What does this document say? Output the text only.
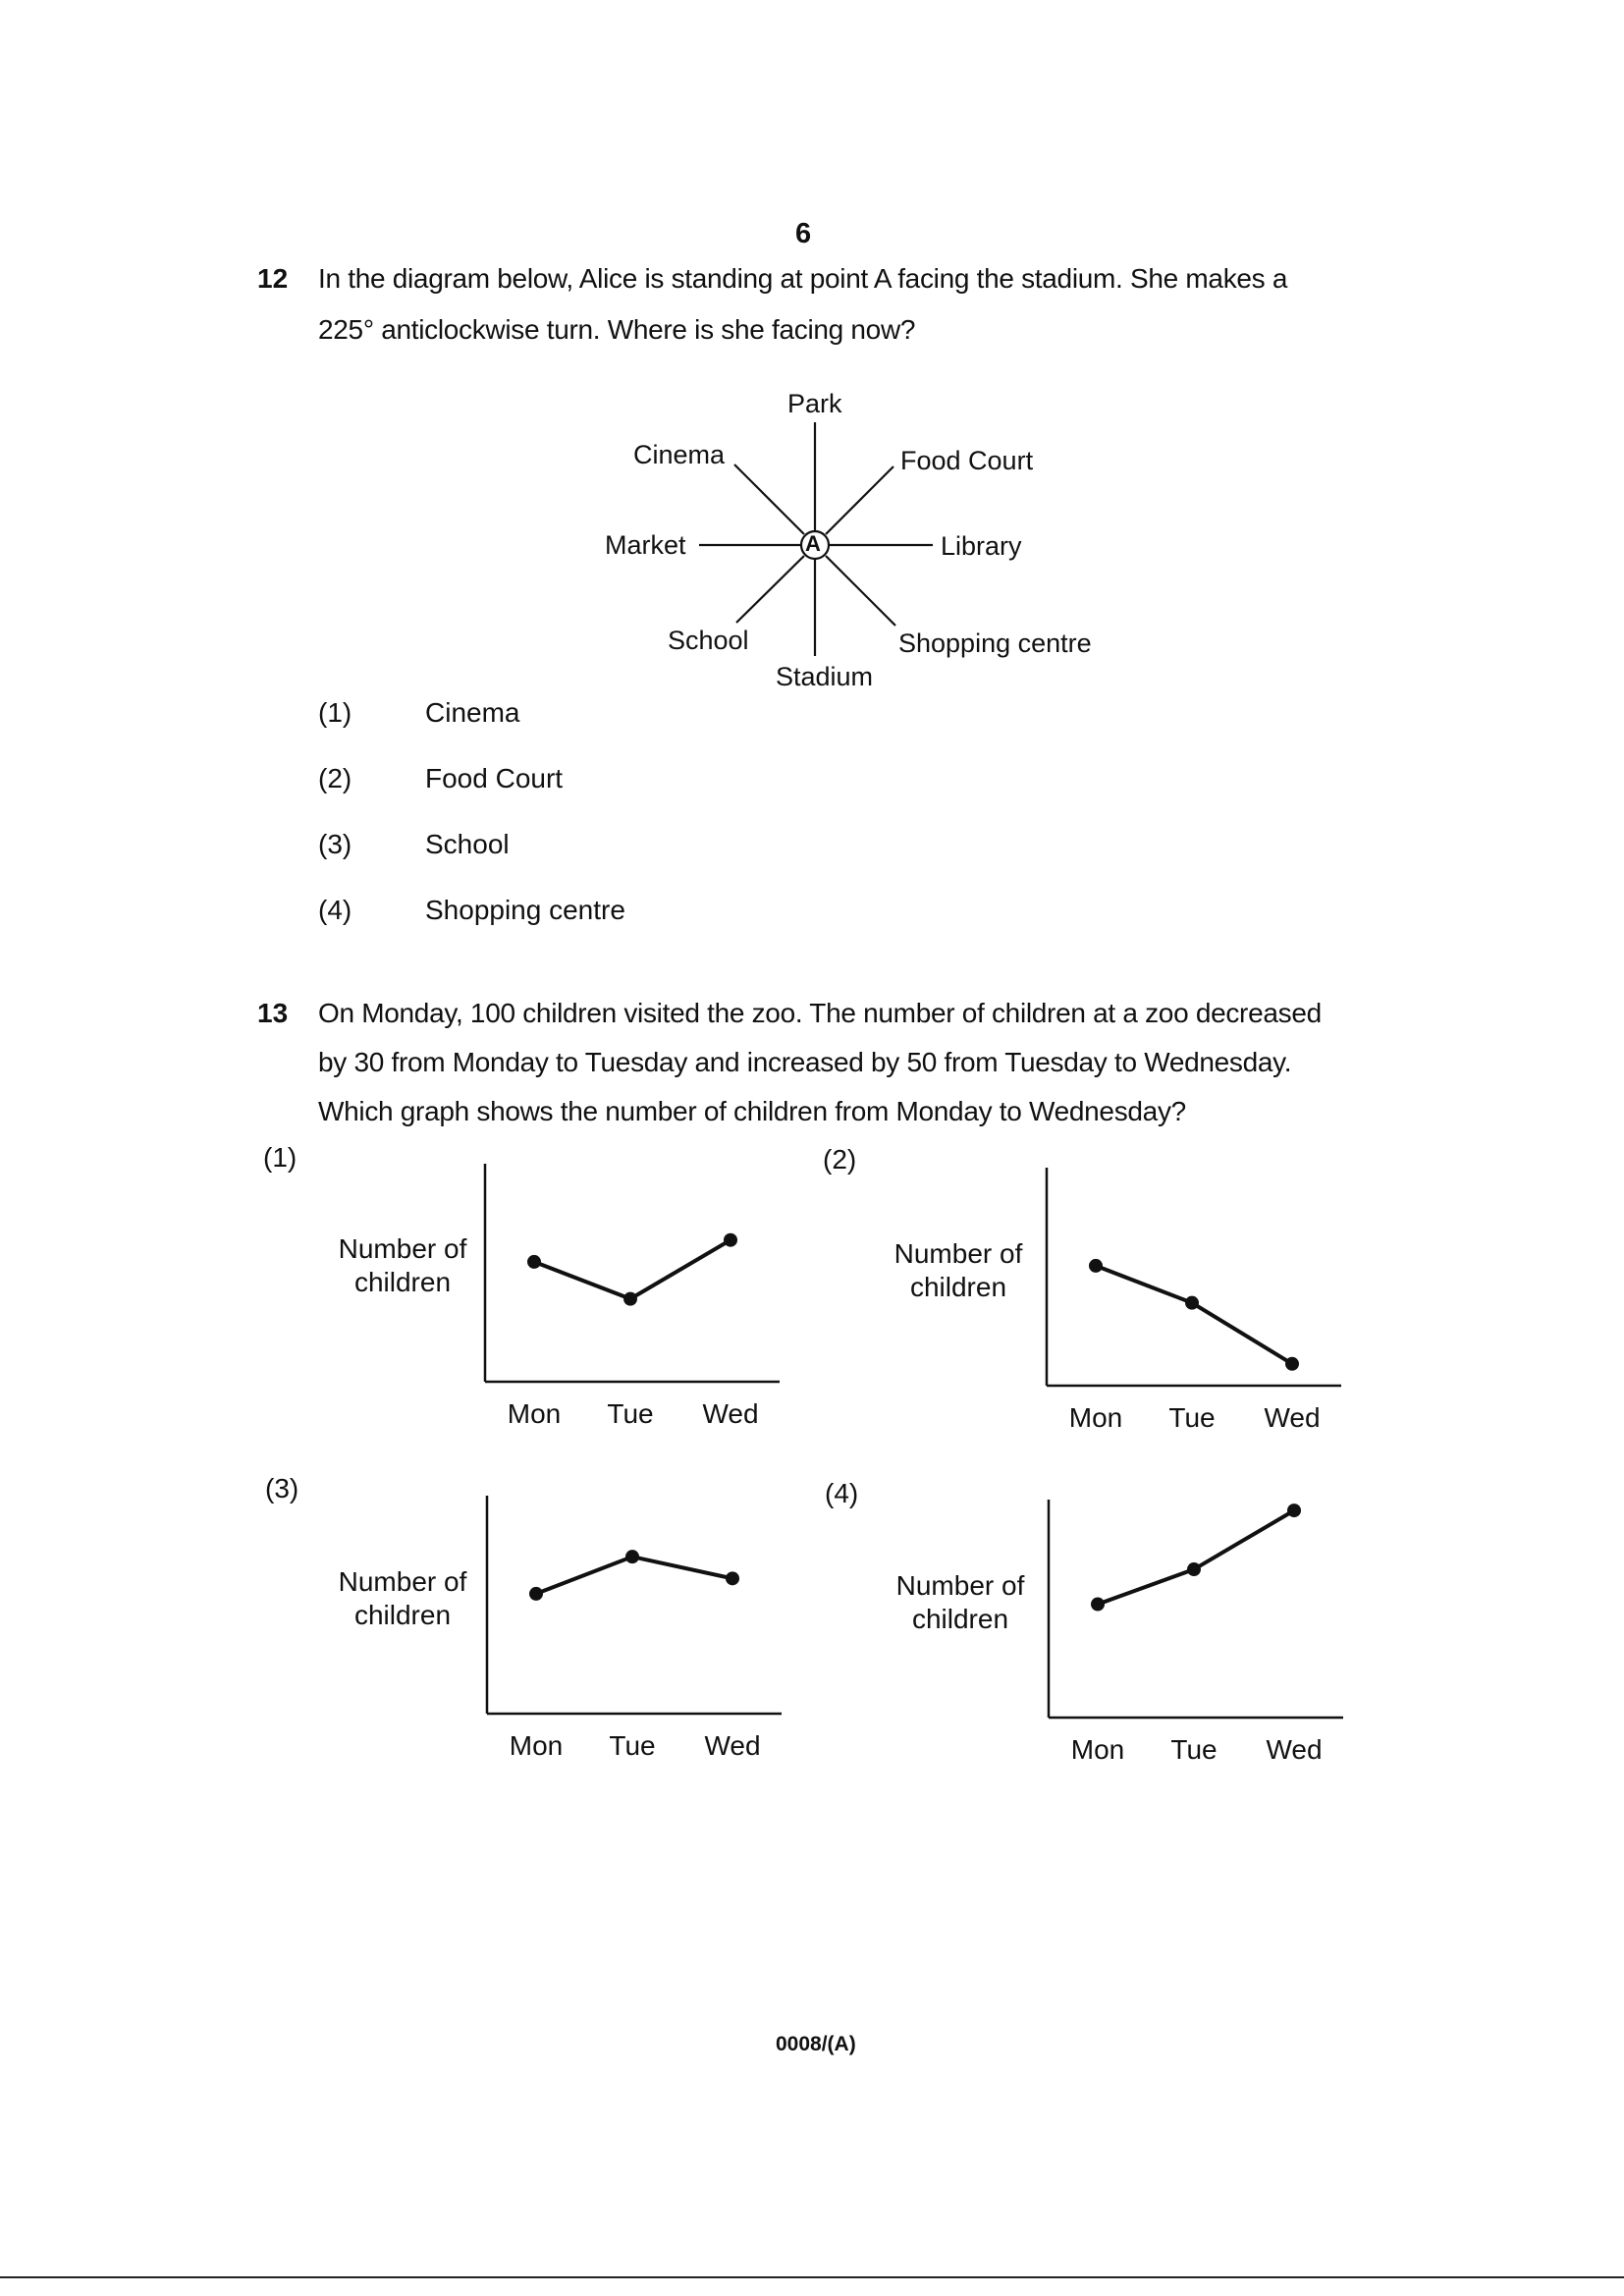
6
12 In the diagram below, Alice is standing at point A facing the stadium. She makes a
225° anticlockwise turn. Where is she facing now?
A
Park
Food Court
Library
Shopping centre
Stadium
School
Market
Cinema
(1)	Cinema
(2)	Food Court
(3)	School
(4)	Shopping centre
13 On Monday, 100 children visited the zoo. The number of children at a zoo decreased
by 30 from Monday to Tuesday and increased by 50 from Tuesday to Wednesday.
Which graph shows the number of children from Monday to Wednesday?
(1)	(2)
(3)	(4)
Number of children
Number of children
Number of children
Number of children
Mon Tue Wed	Mon Tue Wed
Mon Tue Wed	Mon Tue Wed
0008/(A)
